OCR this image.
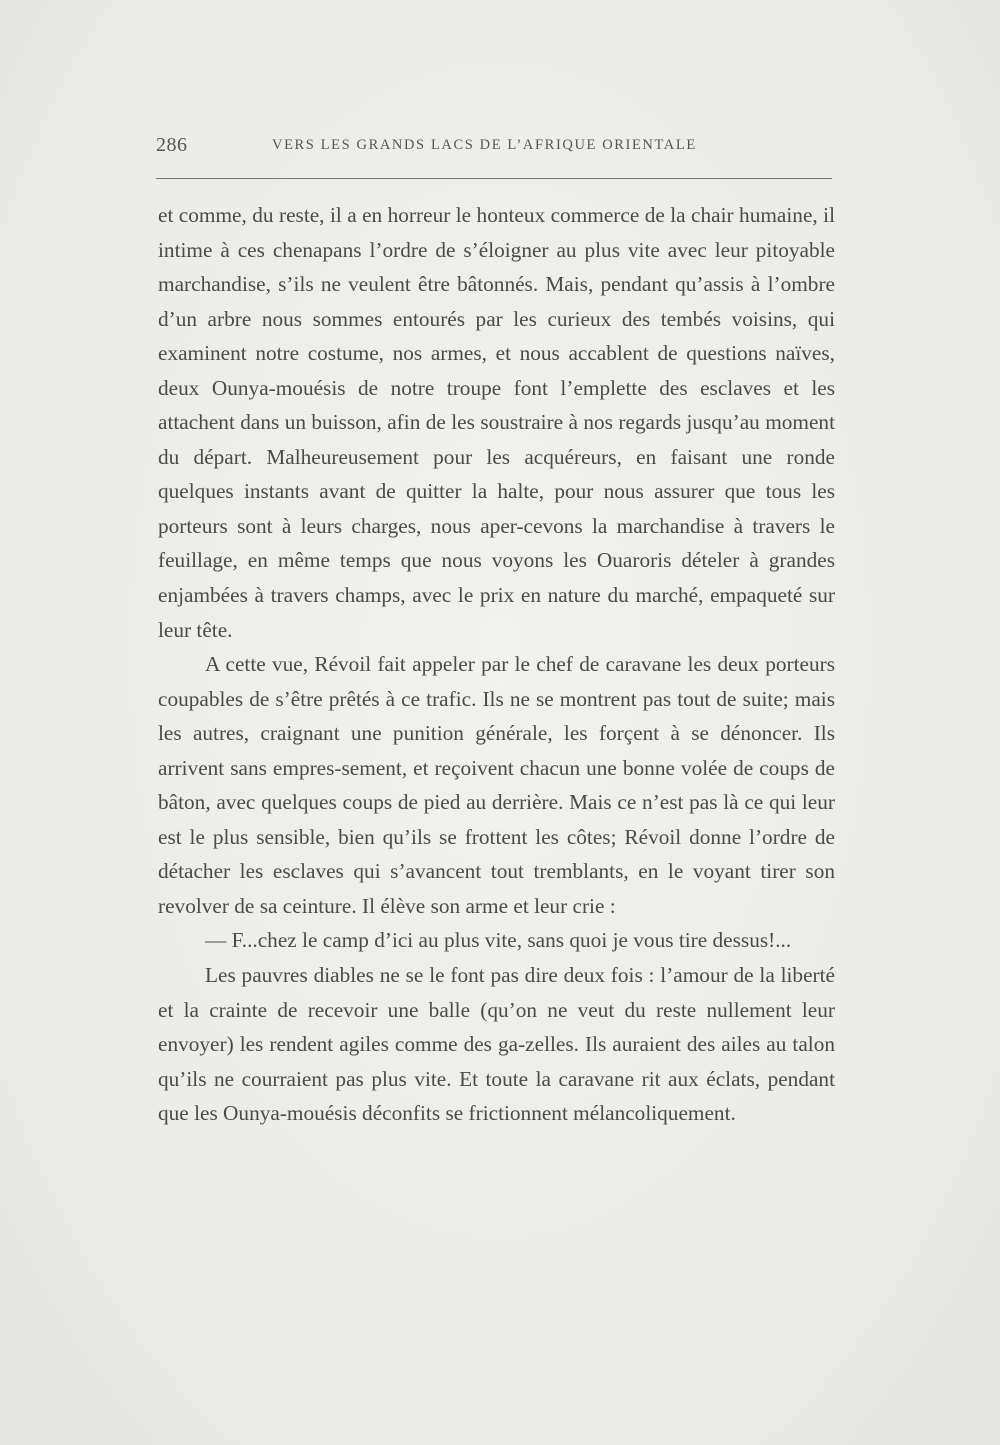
286	VERS LES GRANDS LACS DE L’AFRIQUE ORIENTALE

et comme, du reste, il a en horreur le honteux commerce de la chair humaine, il intime à ces chenapans l’ordre de s’éloigner au plus vite avec leur pitoyable marchandise, s’ils ne veulent être bâtonnés. Mais, pendant qu’assis à l’ombre d’un arbre nous sommes entourés par les curieux des tembés voisins, qui examinent notre costume, nos armes, et nous accablent de questions naïves, deux Ounya-mouésis de notre troupe font l’emplette des esclaves et les attachent dans un buisson, afin de les soustraire à nos regards jusqu’au moment du départ. Malheureusement pour les acquéreurs, en faisant une ronde quelques instants avant de quitter la halte, pour nous assurer que tous les porteurs sont à leurs charges, nous aper-cevons la marchandise à travers le feuillage, en même temps que nous voyons les Ouaroris dételer à grandes enjambées à travers champs, avec le prix en nature du marché, empaqueté sur leur tête.

A cette vue, Révoil fait appeler par le chef de caravane les deux porteurs coupables de s’être prêtés à ce trafic. Ils ne se montrent pas tout de suite; mais les autres, craignant une punition générale, les forçent à se dénoncer. Ils arrivent sans empres-sement, et reçoivent chacun une bonne volée de coups de bâton, avec quelques coups de pied au derrière. Mais ce n’est pas là ce qui leur est le plus sensible, bien qu’ils se frottent les côtes; Révoil donne l’ordre de détacher les esclaves qui s’avancent tout tremblants, en le voyant tirer son revolver de sa ceinture. Il élève son arme et leur crie :

— F...chez le camp d’ici au plus vite, sans quoi je vous tire dessus!...

Les pauvres diables ne se le font pas dire deux fois : l’amour de la liberté et la crainte de recevoir une balle (qu’on ne veut du reste nullement leur envoyer) les rendent agiles comme des ga-zelles. Ils auraient des ailes au talon qu’ils ne courraient pas plus vite. Et toute la caravane rit aux éclats, pendant que les Ounya-mouésis déconfits se frictionnent mélancoliquement.
